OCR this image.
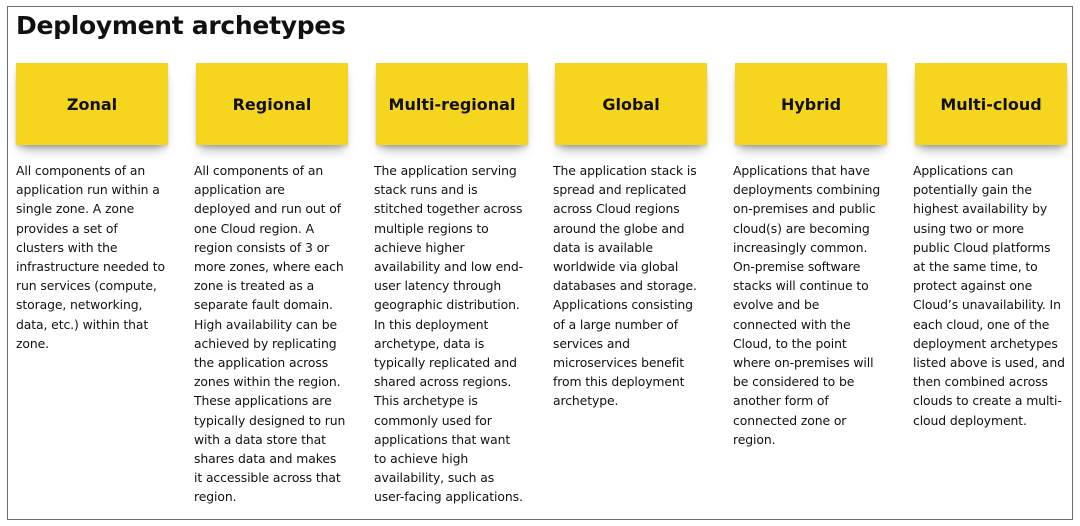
Deployment archetypes
Zonal

All components of an
application run within a
single zone. A zone
provides a set of
clusters with the
infrastructure needed to
run services (compute,
storage, networking,
data, etc.) within that
zone.

Regional

All components of an
application are
deployed and run out of
one Cloud region. A
region consists of 3 or
more zones, where each
zone is treated as a
separate fault domain.
High availability can be
achieved by replicating
the application across
zones within the region.
These applications are
typically designed to run
with a data store that
shares data and makes
it accessible across that
region.

Multi-regional

The application serving
stack runs and is
stitched together across
multiple regions to
achieve higher
availability and low end-
user latency through
geographic distribution.
In this deployment
archetype, data is
typically replicated and
shared across regions.
This archetype is
commonly used for
applications that want
to achieve high
availability, such as
user-facing applications.

Global

The application stack is
spread and replicated
across Cloud regions
around the globe and
data is available
worldwide via global
databases and storage.
Applications consisting
of a large number of
services and
microservices benefit
from this deployment
archetype.

Hybrid

Applications that have
deployments combining
on-premises and public
cloud(s) are becoming
increasingly common.
On-premise software
stacks will continue to
evolve and be
connected with the
Cloud, to the point
where on-premises will
be considered to be
another form of
connected zone or
region.

Multi-cloud

Applications can
potentially gain the
highest availability by
using two or more
public Cloud platforms
at the same time, to
protect against one
Cloud’s unavailability. In
each cloud, one of the
deployment archetypes
listed above is used, and
then combined across
clouds to create a multi-
cloud deployment.
